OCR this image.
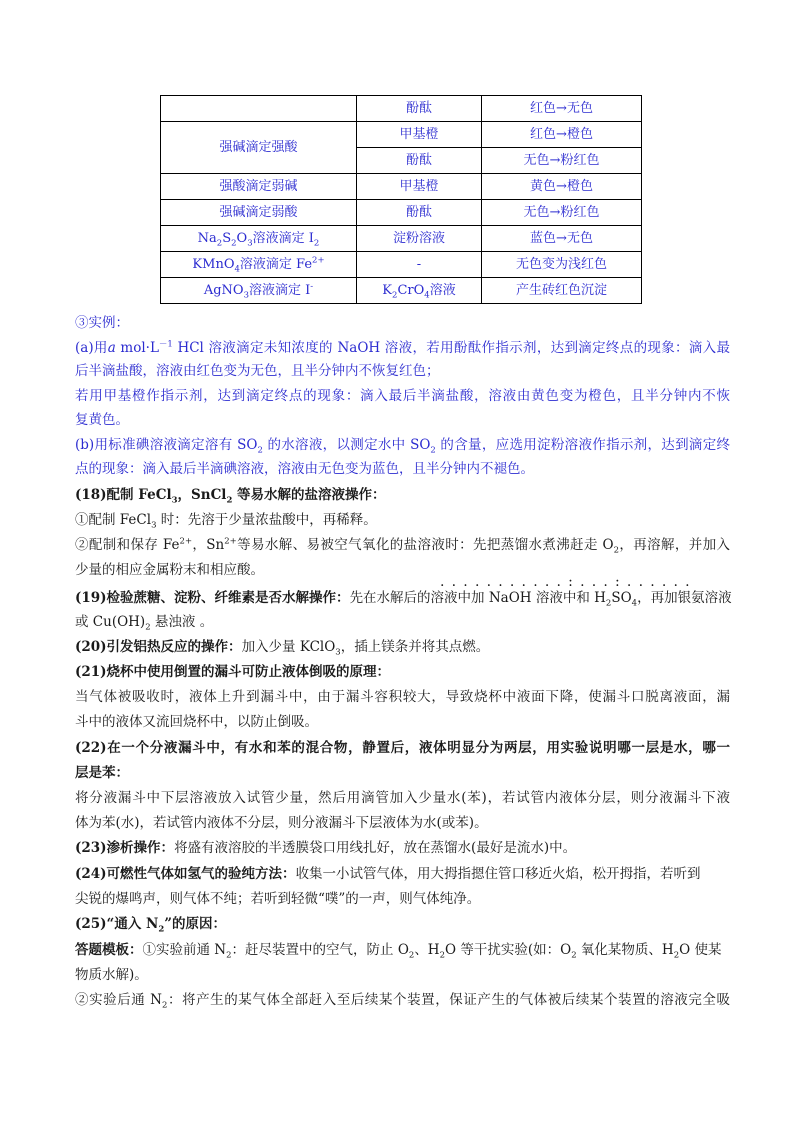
	酚酞	红色→无色
强碱滴定强酸	甲基橙	红色→橙色
	酚酞	无色→粉红色
强酸滴定弱碱	甲基橙	黄色→橙色
强碱滴定弱酸	酚酞	无色→粉红色
$Na_2S_2O_3$溶液滴定 $I_2$	淀粉溶液	蓝色→无色
KMnO$_4$溶液滴定 $Fe^{2+}$	-	无色变为浅红色
AgNO$_3$溶液滴定 I-	$K_2CrO_4$溶液	产生砖红色沉淀
③实例：
(a)用a $mol\cdot L^{-1}$ HCl 溶液滴定未知浓度的 NaOH 溶液，若用酚酞作指示剂，达到滴定终点的现象：滴入最
后半滴盐酸，溶液由红色变为无色，且半分钟内不恢复红色；
若用甲基橙作指示剂，达到滴定终点的现象：滴入最后半滴盐酸，溶液由黄色变为橙色，且半分钟内不恢
复黄色。
(b)用标准碘溶液滴定溶有 $SO_2$ 的水溶液，以测定水中 $SO_2$ 的含量，应选用淀粉溶液作指示剂，达到滴定终
点的现象：滴入最后半滴碘溶液，溶液由无色变为蓝色，且半分钟内不褪色。
(18)配制 FeCl$_3$，SnCl$_2$ 等易水解的盐溶液操作：
①配制 FeCl$_3$ 时：先溶于少量浓盐酸中，再稀释。
②配制和保存 $Fe^{2+}$，$Sn^{2+}$等易水解、易被空气氧化的盐溶液时：先把蒸馏水煮沸赶走 $O_2$，再溶解，并加入
少量的相应金属粉末和相应酸。
...........:...:......
(19)检验蔗糖、淀粉、纤维素是否水解操作：先在水解后的溶液中加 NaOH 溶液中和 $H_2SO_4$，再加银氨溶液
或 $Cu(OH)_2$ 悬浊液 。
(20)引发铝热反应的操作：加入少量 KClO$_3$，插上镁条并将其点燃。
(21)烧杯中使用倒置的漏斗可防止液体倒吸的原理：
当气体被吸收时，液体上升到漏斗中，由于漏斗容积较大，导致烧杯中液面下降，使漏斗口脱离液面，漏
斗中的液体又流回烧杯中，以防止倒吸。
(22)在一个分液漏斗中，有水和苯的混合物，静置后，液体明显分为两层，用实验说明哪一层是水，哪一
层是苯：
将分液漏斗中下层溶液放入试管少量，然后用滴管加入少量水(苯)，若试管内液体分层，则分液漏斗下液
体为苯(水)，若试管内液体不分层，则分液漏斗下层液体为水(或苯)。
(23)渗析操作：将盛有液溶胶的半透膜袋口用线扎好，放在蒸馏水(最好是流水)中。
(24)可燃性气体如氢气的验纯方法：收集一小试管气体，用大拇指摁住管口移近火焰，松开拇指，若听到
尖锐的爆鸣声，则气体不纯；若听到轻微“噗”的一声，则气体纯净。
(25)“通入 $N_2$”的原因：
答题模板：①实验前通 $N_2$：赶尽装置中的空气，防止 $O_2$、$H_2O$ 等干扰实验(如：$O_2$ 氧化某物质、$H_2O$ 使某
物质水解)。
②实验后通 $N_2$：将产生的某气体全部赶入至后续某个装置，保证产生的气体被后续某个装置的溶液完全吸
